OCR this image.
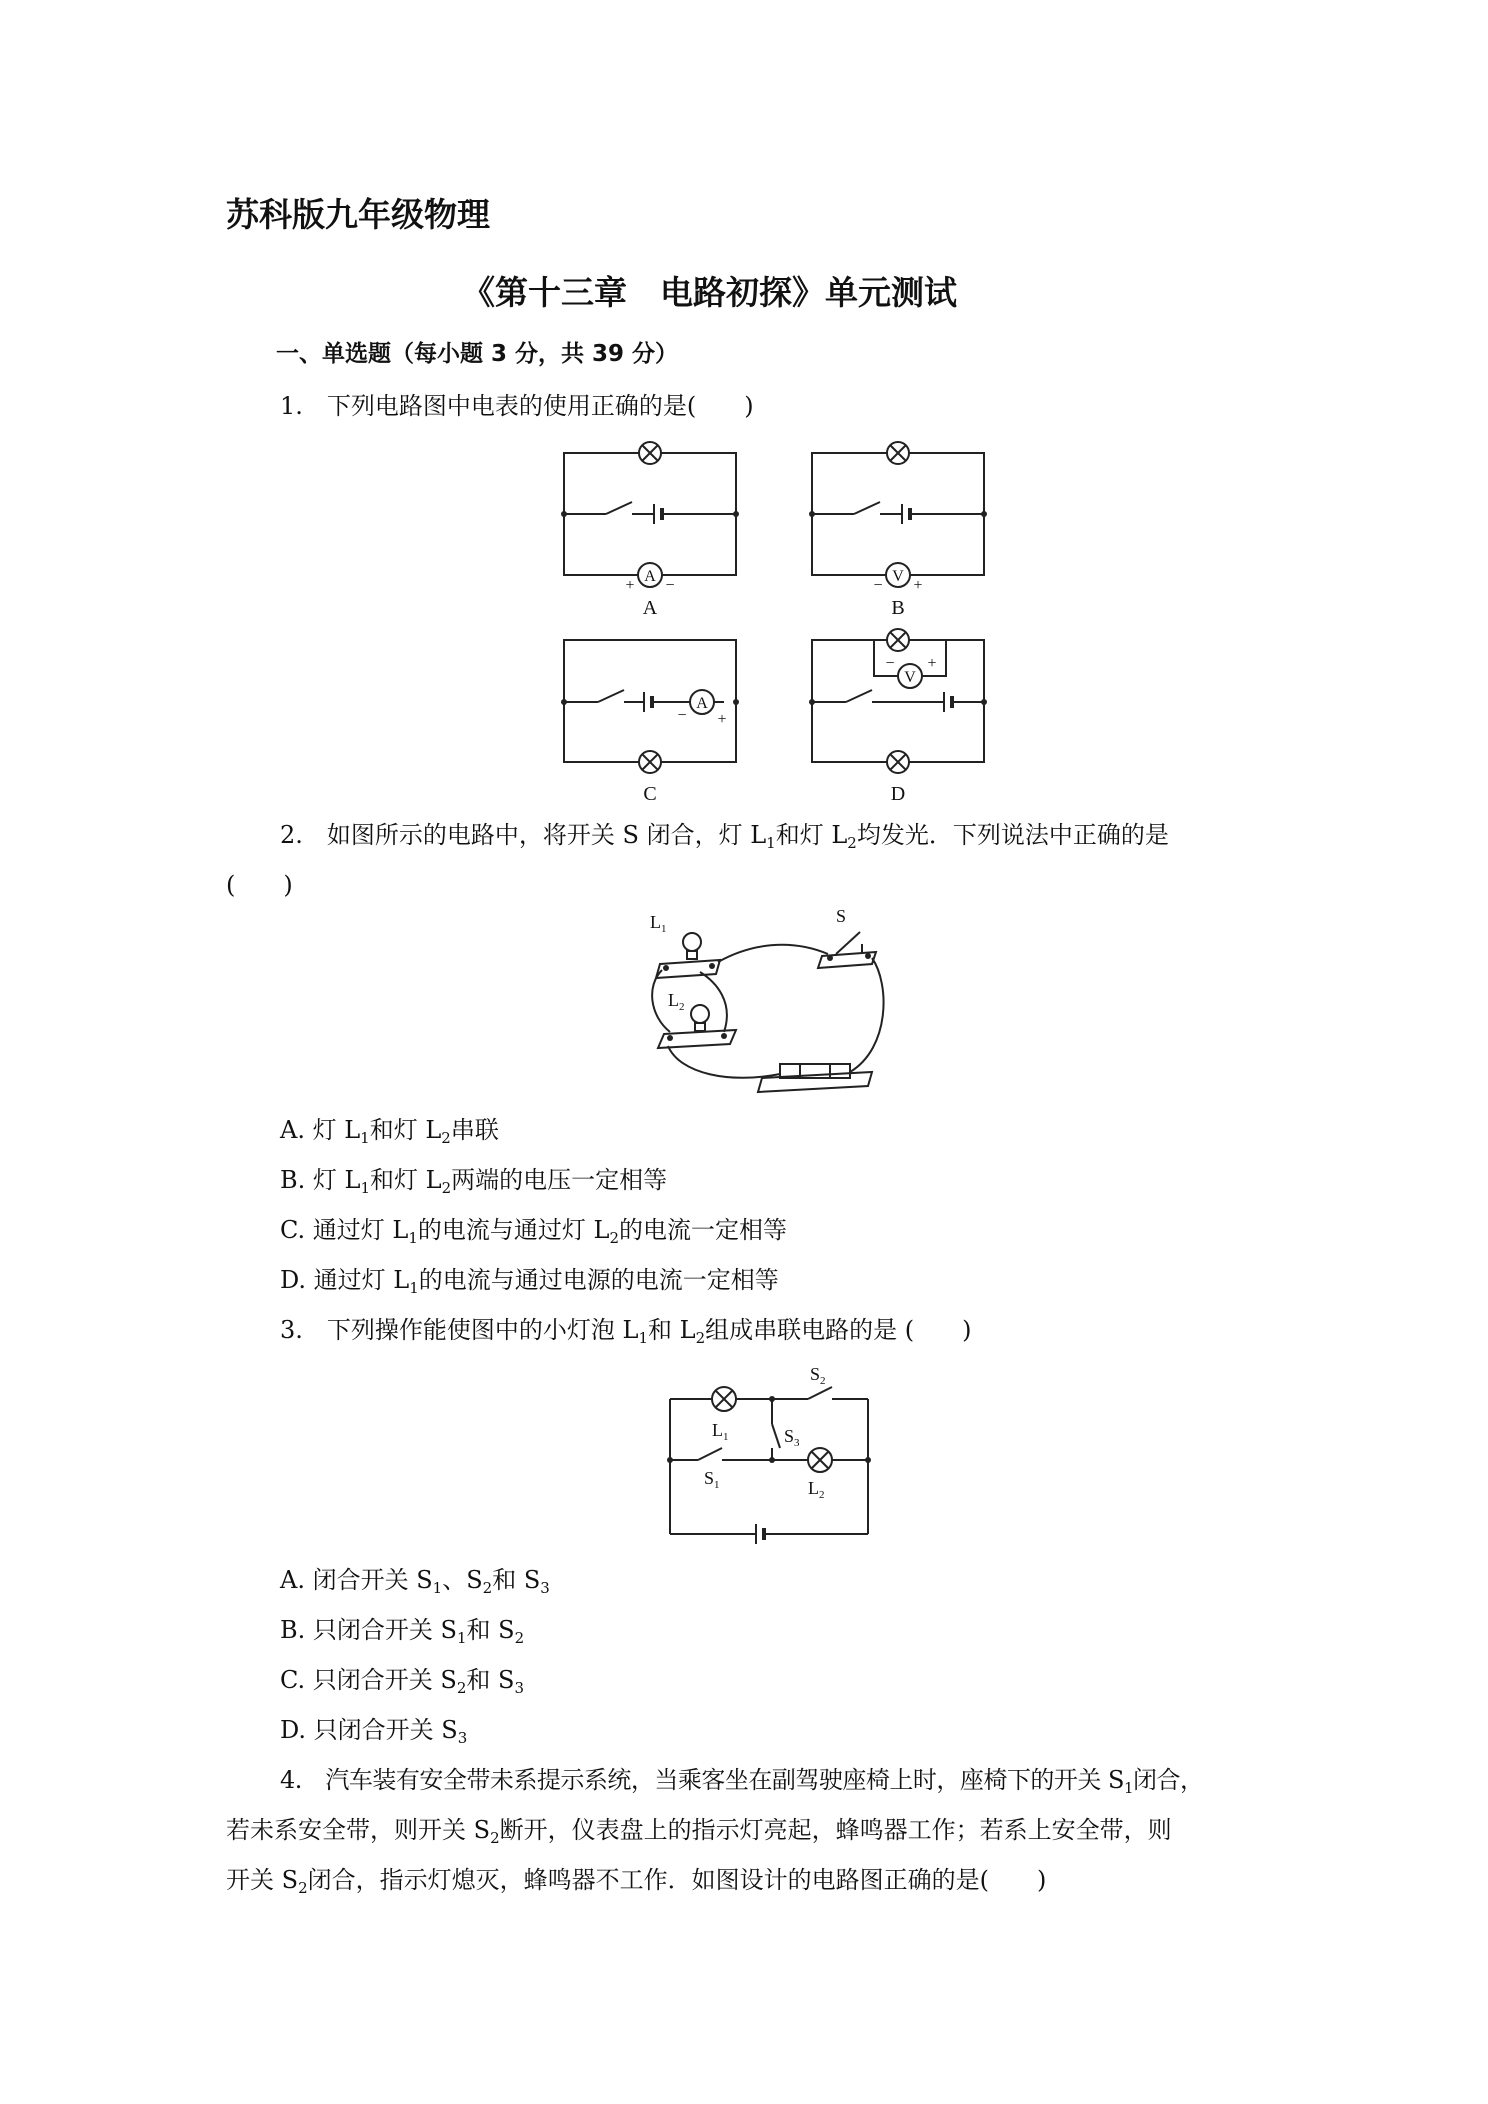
苏科版九年级物理
《第十三章　电路初探》单元测试
一、单选题（每小题 3 分，共 39 分）
1.　下列电路图中电表的使用正确的是(　　)
A	V
A
V
+ −	− +
− +
− +
A	B
C	D
2.　如图所示的电路中，将开关 S 闭合，灯 $L_1$和灯 $L_2$均发光．下列说法中正确的是
(　　)
L 1
L 2
S
A. 灯 $L_1$和灯 $L_2$串联
B. 灯 $L_1$和灯 $L_2$两端的电压一定相等
C. 通过灯 $L_1$的电流与通过灯 $L_2$的电流一定相等
D. 通过灯 $L_1$的电流与通过电源的电流一定相等
3.　下列操作能使图中的小灯泡 $L_1$和 $L_2$组成串联电路的是 (　　)
L 1
L 2
S 2
S 3
S 1
A. 闭合开关 $S_1$、$S_2$和 $S_3$
B. 只闭合开关 $S_1$和 $S_2$
C. 只闭合开关 $S_2$和 $S_3$
D. 只闭合开关 $S_3$
4.　汽车装有安全带未系提示系统，当乘客坐在副驾驶座椅上时，座椅下的开关 $S_1$闭合，
若未系安全带，则开关 $S_2$断开，仪表盘上的指示灯亮起，蜂鸣器工作；若系上安全带，则
开关 $S_2$闭合，指示灯熄灭，蜂鸣器不工作．如图设计的电路图正确的是(　　)
